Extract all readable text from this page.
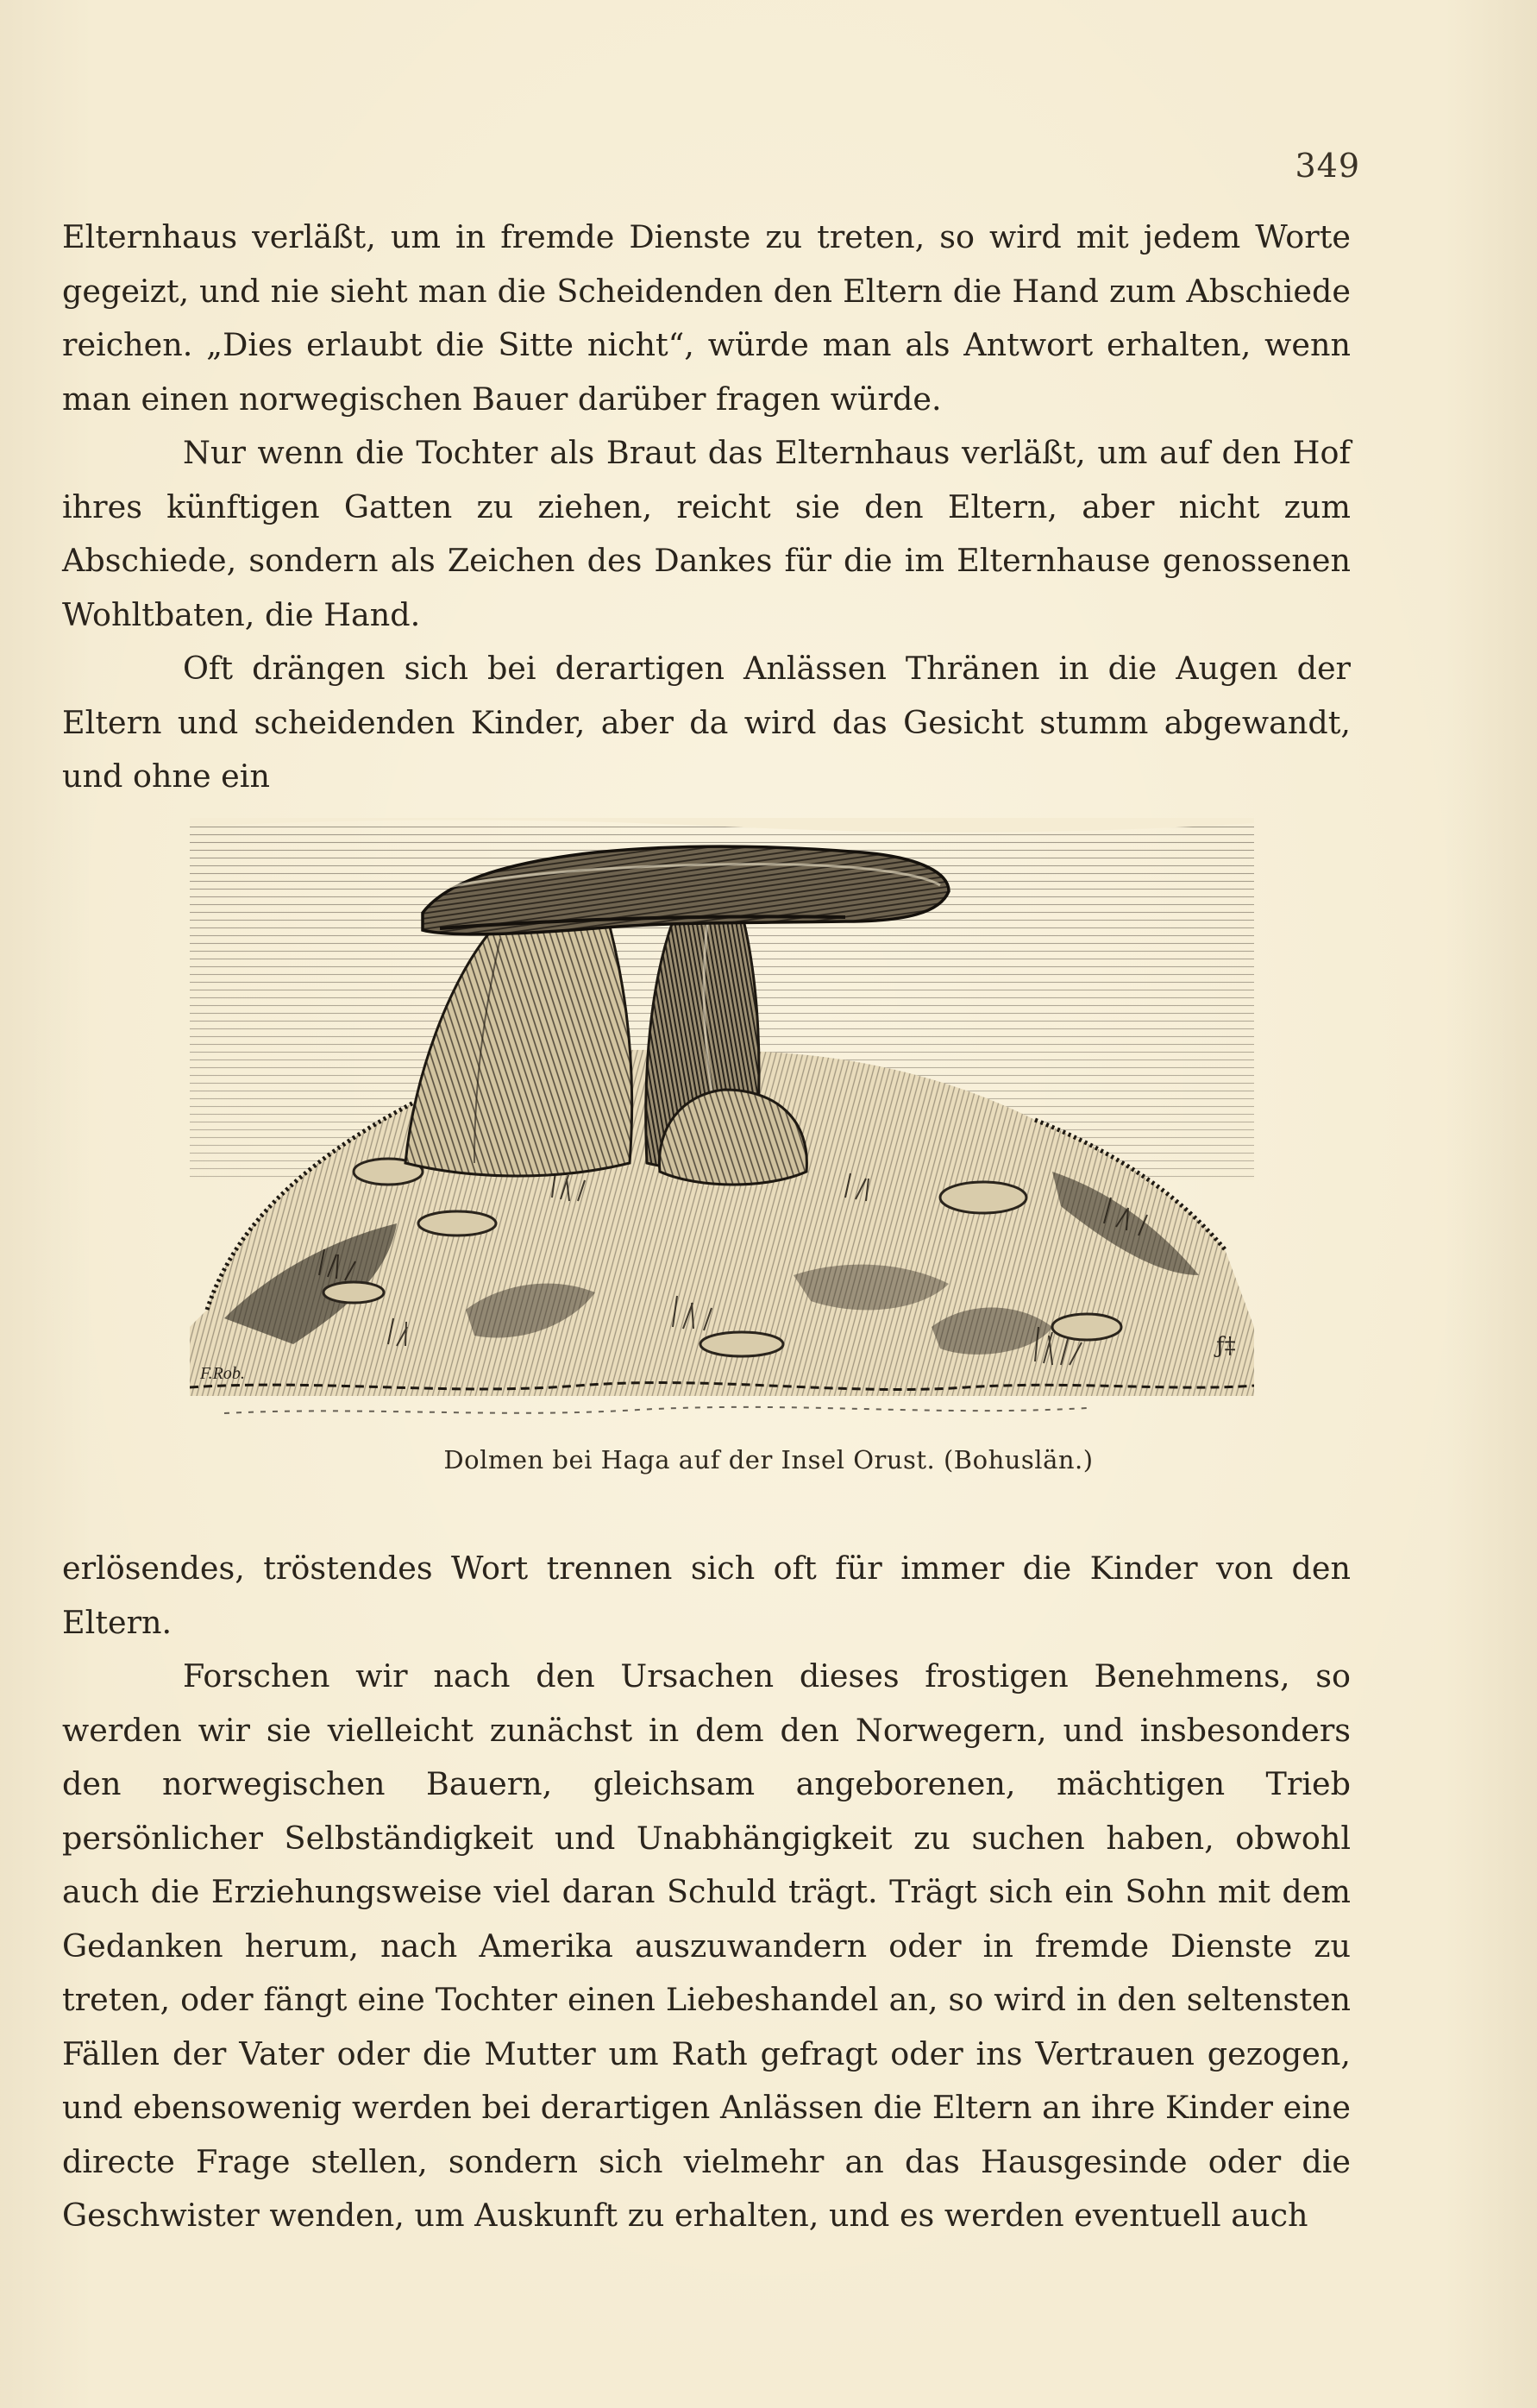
349

Elternhaus verläßt, um in fremde Dienste zu treten, so wird mit jedem Worte gegeizt, und nie sieht man die Scheidenden den Eltern die Hand zum Abschiede reichen. „Dies erlaubt die Sitte nicht“, würde man als Antwort erhalten, wenn man einen norwegischen Bauer darüber fragen würde.

Nur wenn die Tochter als Braut das Elternhaus verläßt, um auf den Hof ihres künftigen Gatten zu ziehen, reicht sie den Eltern, aber nicht zum Abschiede, sondern als Zeichen des Dankes für die im Elternhause genossenen Wohltbaten, die Hand.

Oft drängen sich bei derartigen Anlässen Thränen in die Augen der Eltern und scheidenden Kinder, aber da wird das Gesicht stumm abgewandt, und ohne ein

F.Rob.
ƒ‡
Dolmen bei Haga auf der Insel Orust. (Bohuslän.)

erlösendes, tröstendes Wort trennen sich oft für immer die Kinder von den Eltern.

Forschen wir nach den Ursachen dieses frostigen Benehmens, so werden wir sie vielleicht zunächst in dem den Norwegern, und insbesonders den norwegischen Bauern, gleichsam angeborenen, mächtigen Trieb persönlicher Selbständigkeit und Unabhängigkeit zu suchen haben, obwohl auch die Erziehungsweise viel daran Schuld trägt. Trägt sich ein Sohn mit dem Gedanken herum, nach Amerika auszuwandern oder in fremde Dienste zu treten, oder fängt eine Tochter einen Liebeshandel an, so wird in den seltensten Fällen der Vater oder die Mutter um Rath gefragt oder ins Vertrauen gezogen, und ebensowenig werden bei derartigen Anlässen die Eltern an ihre Kinder eine directe Frage stellen, sondern sich vielmehr an das Hausgesinde oder die Geschwister wenden, um Auskunft zu erhalten, und es werden eventuell auch
